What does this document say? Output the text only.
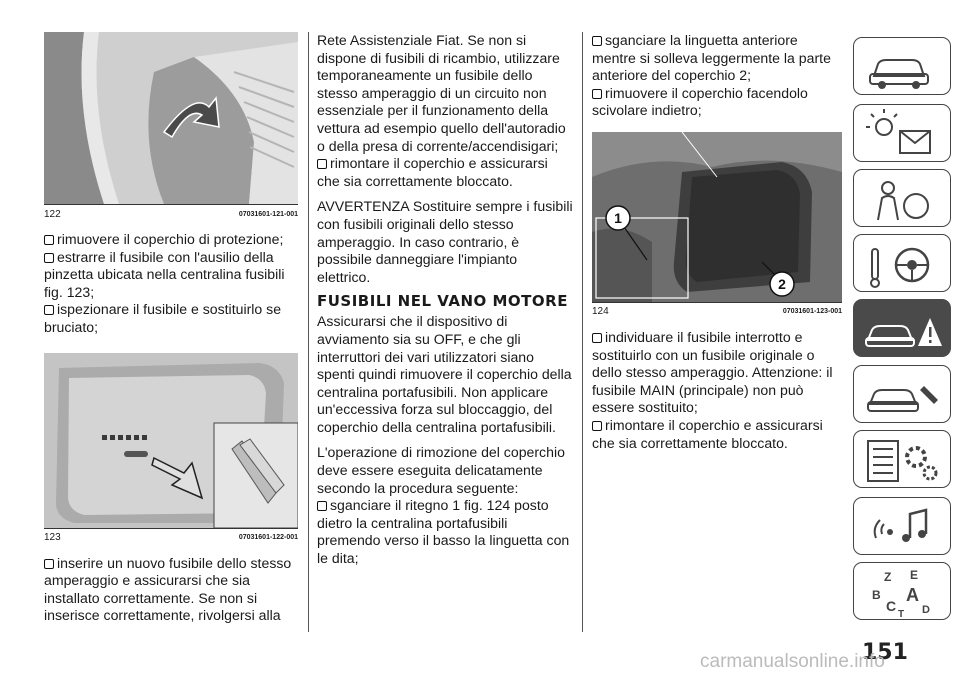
122	07031601-121-001

rimuovere il coperchio di protezione;

estrarre il fusibile con l'ausilio della pinzetta ubicata nella centralina fusibili fig. 123;

ispezionare il fusibile e sostituirlo se bruciato;

123	07031601-122-001

inserire un nuovo fusibile dello stesso amperaggio e assicurarsi che sia installato correttamente. Se non si inserisce correttamente, rivolgersi alla

Rete Assistenziale Fiat. Se non si dispone di fusibili di ricambio, utilizzare temporaneamente un fusibile dello stesso amperaggio di un circuito non essenziale per il funzionamento della vettura ad esempio quello dell'autoradio o della presa di corrente/accendisigari;

rimontare il coperchio e assicurarsi che sia correttamente bloccato.

AVVERTENZA Sostituire sempre i fusibili con fusibili originali dello stesso amperaggio. In caso contrario, è possibile danneggiare l'impianto elettrico.

FUSIBILI NEL VANO MOTORE

Assicurarsi che il dispositivo di avviamento sia su OFF, e che gli interruttori dei vari utilizzatori siano spenti quindi rimuovere il coperchio della centralina portafusibili. Non applicare un'eccessiva forza sul bloccaggio, del coperchio della centralina portafusibili.

L'operazione di rimozione del coperchio deve essere eseguita delicatamente secondo la procedura seguente:

sganciare il ritegno 1 fig. 124 posto dietro la centralina portafusibili premendo verso il basso la linguetta con le dita;

sganciare la linguetta anteriore mentre si solleva leggermente la parte anteriore del coperchio 2;

rimuovere il coperchio facendolo scivolare indietro;

1
2
124	07031601-123-001

individuare il fusibile interrotto e sostituirlo con un fusibile originale o dello stesso amperaggio. Attenzione: il fusibile MAIN (principale) non può essere sostituito;

rimontare il coperchio e assicurarsi che sia correttamente bloccato.

Z E
B A
C
T D
151
carmanualsonline.info
